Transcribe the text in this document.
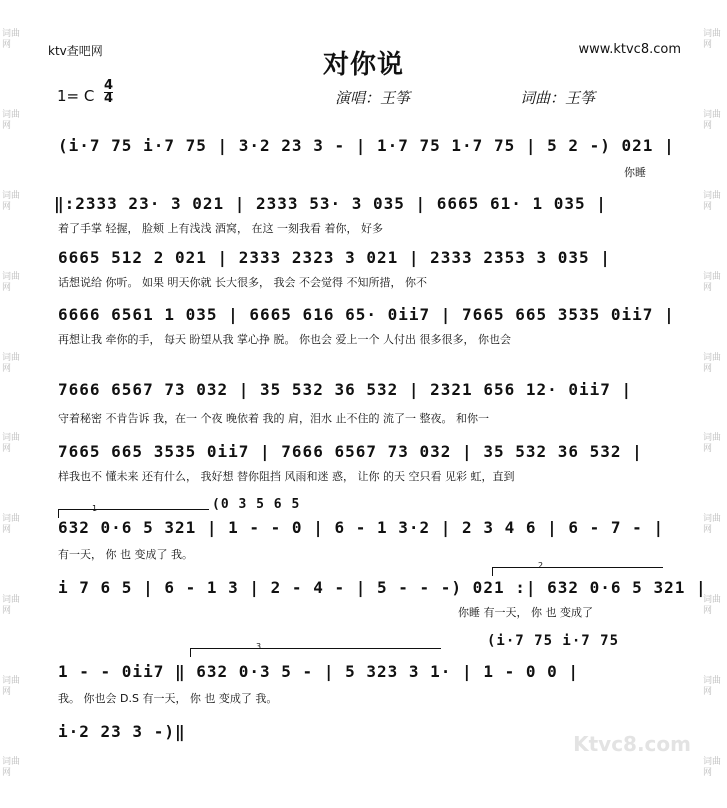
词曲网
词曲网
词曲网
词曲网
词曲网
词曲网
词曲网
词曲网
词曲网
词曲网
词曲网
词曲网
词曲网
词曲网
词曲网
词曲网
词曲网
词曲网
词曲网
词曲网
ktv查吧网	www.ktvc8.com
对你说
1= C
4
4	演唱：王筝	词曲：王筝
(i·7 75 i·7 75 | 3·2 23 3 - | 1·7 75 1·7 75 | 5 2 -) 021 |
你睡
‖:2333 23· 3 021 | 2333 53· 3 035 | 6665 61· 1 035 |
着了手掌 轻握， 脸颊 上有浅浅 酒窝， 在这 一刻我看 着你， 好多
6665 512 2 021 | 2333 2323 3 021 | 2333 2353 3 035 |
话想说给 你听。 如果 明天你就 长大很多， 我会 不会觉得 不知所措， 你不
6666 6561 1 035 | 6665 616 65· 0ii7 | 7665 665 3535 0ii7 |
再想让我 牵你的手， 每天 盼望从我 掌心挣 脱。 你也会 爱上一个 人付出 很多很多， 你也会
7666 6567 73 032 | 35 532 36 532 | 2321 656 12· 0ii7 |
守着秘密 不肯告诉 我，在一 个夜 晚依着 我的 肩，泪水 止不住的 流了一 整夜。 和你一
7665 665 3535 0ii7 | 7666 6567 73 032 | 35 532 36 532 |
样我也不 懂未来 还有什么， 我好想 替你阻挡 风雨和迷 惑， 让你 的天 空只看 见彩 虹，直到
1	(0 3 5 6 5
632 0·6 5 321 | 1 - - 0 | 6 - 1 3·2 | 2 3 4 6 | 6 - 7 - |
有一天， 你 也 变成了 我。
2
i 7 6 5 | 6 - 1 3 | 2 - 4 - | 5 - - -) 021 :| 632 0·6 5 321 |
你睡 有一天， 你 也 变成了
3	(i·7 75 i·7 75
1 - - 0ii7 ‖ 632 0·3 5 - | 5 323 3 1· | 1 - 0 0 |
我。 你也会 D.S 有一天， 你 也 变成了 我。
i·2 23 3 -)‖
Ktvc8.com
